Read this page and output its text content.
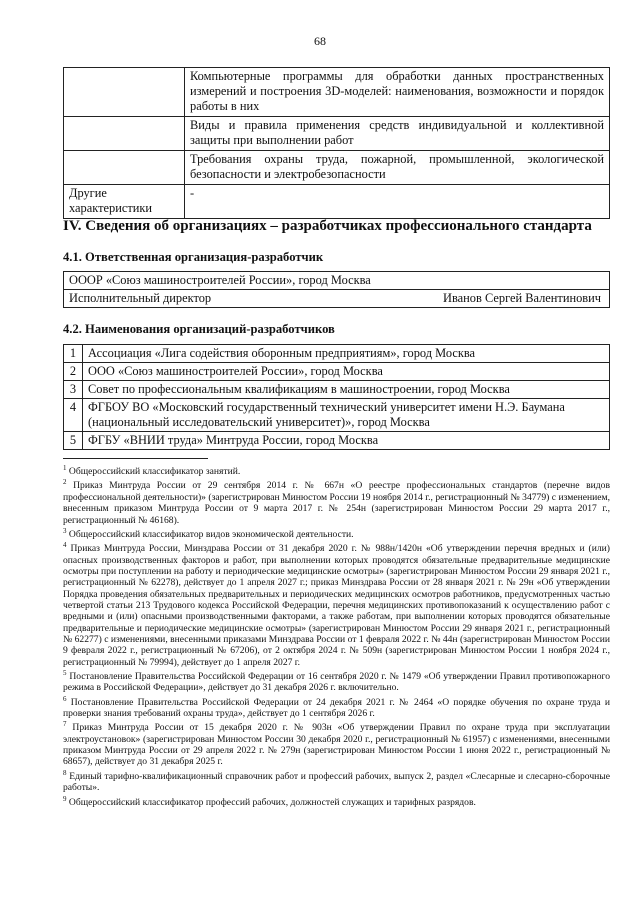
68
	Компьютерные программы для обработки данных пространственных измерений и построения 3D-моделей: наименования, возможности и порядок работы в них
	Виды и правила применения средств индивидуальной и коллективной защиты при выполнении работ
	Требования охраны труда, пожарной, промышленной, экологической безопасности и электробезопасности
Другие характеристики	-
IV. Сведения об организациях – разработчиках профессионального стандарта
4.1. Ответственная организация-разработчик
ОООР «Союз машиностроителей России», город Москва
Исполнительный директор	Иванов Сергей Валентинович
4.2. Наименования организаций-разработчиков
1	Ассоциация «Лига содействия оборонным предприятиям», город Москва
2	ООО «Союз машиностроителей России», город Москва
3	Совет по профессиональным квалификациям в машиностроении, город Москва
4	ФГБОУ ВО «Московский государственный технический университет имени Н.Э. Баумана (национальный исследовательский университет)», город Москва
5	ФГБУ «ВНИИ труда» Минтруда России, город Москва

$^1$ Общероссийский классификатор занятий.

$^2$ Приказ Минтруда России от 29 сентября 2014 г. № 667н «О реестре профессиональных стандартов (перечне видов профессиональной деятельности)» (зарегистрирован Минюстом России 19 ноября 2014 г., регистрационный № 34779) с изменением, внесенным приказом Минтруда России от 9 марта 2017 г. № 254н (зарегистрирован Минюстом России 29 марта 2017 г., регистрационный № 46168).

$^3$ Общероссийский классификатор видов экономической деятельности.

$^4$ Приказ Минтруда России, Минздрава России от 31 декабря 2020 г. № 988н/1420н «Об утверждении перечня вредных и (или) опасных производственных факторов и работ, при выполнении которых проводятся обязательные предварительные медицинские осмотры при поступлении на работу и периодические медицинские осмотры» (зарегистрирован Минюстом России 29 января 2021 г., регистрационный № 62278), действует до 1 апреля 2027 г.; приказ Минздрава России от 28 января 2021 г. № 29н «Об утверждении Порядка проведения обязательных предварительных и периодических медицинских осмотров работников, предусмотренных частью четвертой статьи 213 Трудового кодекса Российской Федерации, перечня медицинских противопоказаний к осуществлению работ с вредными и (или) опасными производственными факторами, а также работам, при выполнении которых проводятся обязательные предварительные и периодические медицинские осмотры» (зарегистрирован Минюстом России 29 января 2021 г., регистрационный № 62277) с изменениями, внесенными приказами Минздрава России от 1 февраля 2022 г. № 44н (зарегистрирован Минюстом России 9 февраля 2022 г., регистрационный № 67206), от 2 октября 2024 г. № 509н (зарегистрирован Минюстом России 1 ноября 2024 г., регистрационный № 79994), действует до 1 апреля 2027 г.

$^5$ Постановление Правительства Российской Федерации от 16 сентября 2020 г. № 1479 «Об утверждении Правил противопожарного режима в Российской Федерации», действует до 31 декабря 2026 г. включительно.

$^6$ Постановление Правительства Российской Федерации от 24 декабря 2021 г. № 2464 «О порядке обучения по охране труда и проверки знания требований охраны труда», действует до 1 сентября 2026 г.

$^7$ Приказ Минтруда России от 15 декабря 2020 г. № 903н «Об утверждении Правил по охране труда при эксплуатации электроустановок» (зарегистрирован Минюстом России 30 декабря 2020 г., регистрационный № 61957) с изменениями, внесенными приказом Минтруда России от 29 апреля 2022 г. № 279н (зарегистрирован Минюстом России 1 июня 2022 г., регистрационный № 68657), действует до 31 декабря 2025 г.

$^8$ Единый тарифно-квалификационный справочник работ и профессий рабочих, выпуск 2, раздел «Слесарные и слесарно-сборочные работы».

$^9$ Общероссийский классификатор профессий рабочих, должностей служащих и тарифных разрядов.
